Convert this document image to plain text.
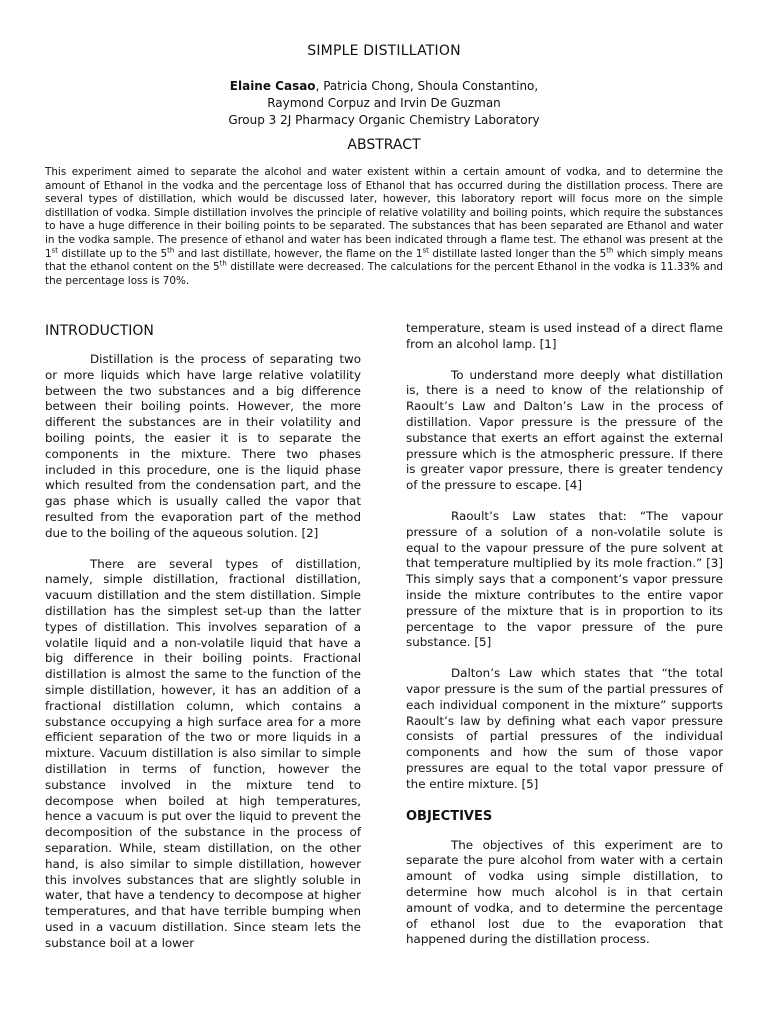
SIMPLE DISTILLATION
Elaine Casao, Patricia Chong, Shoula Constantino,
Raymond Corpuz and Irvin De Guzman
Group 3 2J Pharmacy Organic Chemistry Laboratory
ABSTRACT

This experiment aimed to separate the alcohol and water existent within a certain amount of vodka, and to determine the amount of Ethanol in the vodka and the percentage loss of Ethanol that has occurred during the distillation process. There are several types of distillation, which would be discussed later, however, this laboratory report will focus more on the simple distillation of vodka. Simple distillation involves the principle of relative volatility and boiling points, which require the substances to have a huge difference in their boiling points to be separated. The substances that has been separated are Ethanol and water in the vodka sample. The presence of ethanol and water has been indicated through a flame test. The ethanol was present at the 1st distillate up to the 5th and last distillate, however, the flame on the 1st distillate lasted longer than the 5th which simply means that the ethanol content on the 5th distillate were decreased. The calculations for the percent Ethanol in the vodka is 11.33% and the percentage loss is 70%.

INTRODUCTION

Distillation is the process of separating two or more liquids which have large relative volatility between the two substances and a big difference between their boiling points. However, the more different the substances are in their volatility and boiling points, the easier it is to separate the components in the mixture. There two phases included in this procedure, one is the liquid phase which resulted from the condensation part, and the gas phase which is usually called the vapor that resulted from the evaporation part of the method due to the boiling of the aqueous solution. [2]

There are several types of distillation, namely, simple distillation, fractional distillation, vacuum distillation and the stem distillation. Simple distillation has the simplest set-up than the latter types of distillation. This involves separation of a volatile liquid and a non-volatile liquid that have a big difference in their boiling points. Fractional distillation is almost the same to the function of the simple distillation, however, it has an addition of a fractional distillation column, which contains a substance occupying a high surface area for a more efficient separation of the two or more liquids in a mixture. Vacuum distillation is also similar to simple distillation in terms of function, however the substance involved in the mixture tend to decompose when boiled at high temperatures, hence a vacuum is put over the liquid to prevent the decomposition of the substance in the process of separation. While, steam distillation, on the other hand, is also similar to simple distillation, however this involves substances that are slightly soluble in water, that have a tendency to decompose at higher temperatures, and that have terrible bumping when used in a vacuum distillation. Since steam lets the substance boil at a lower

temperature, steam is used instead of a direct flame from an alcohol lamp. [1]

To understand more deeply what distillation is, there is a need to know of the relationship of Raoult’s Law and Dalton’s Law in the process of distillation. Vapor pressure is the pressure of the substance that exerts an effort against the external pressure which is the atmospheric pressure. If there is greater vapor pressure, there is greater tendency of the pressure to escape. [4]

Raoult’s Law states that: “The vapour pressure of a solution of a non-volatile solute is equal to the vapour pressure of the pure solvent at that temperature multiplied by its mole fraction.” [3] This simply says that a component’s vapor pressure inside the mixture contributes to the entire vapor pressure of the mixture that is in proportion to its percentage to the vapor pressure of the pure substance. [5]

Dalton’s Law which states that “the total vapor pressure is the sum of the partial pressures of each individual component in the mixture” supports Raoult’s law by defining what each vapor pressure consists of partial pressures of the individual components and how the sum of those vapor pressures are equal to the total vapor pressure of the entire mixture. [5]

OBJECTIVES

The objectives of this experiment are to separate the pure alcohol from water with a certain amount of vodka using simple distillation, to determine how much alcohol is in that certain amount of vodka, and to determine the percentage of ethanol lost due to the evaporation that happened during the distillation process.
